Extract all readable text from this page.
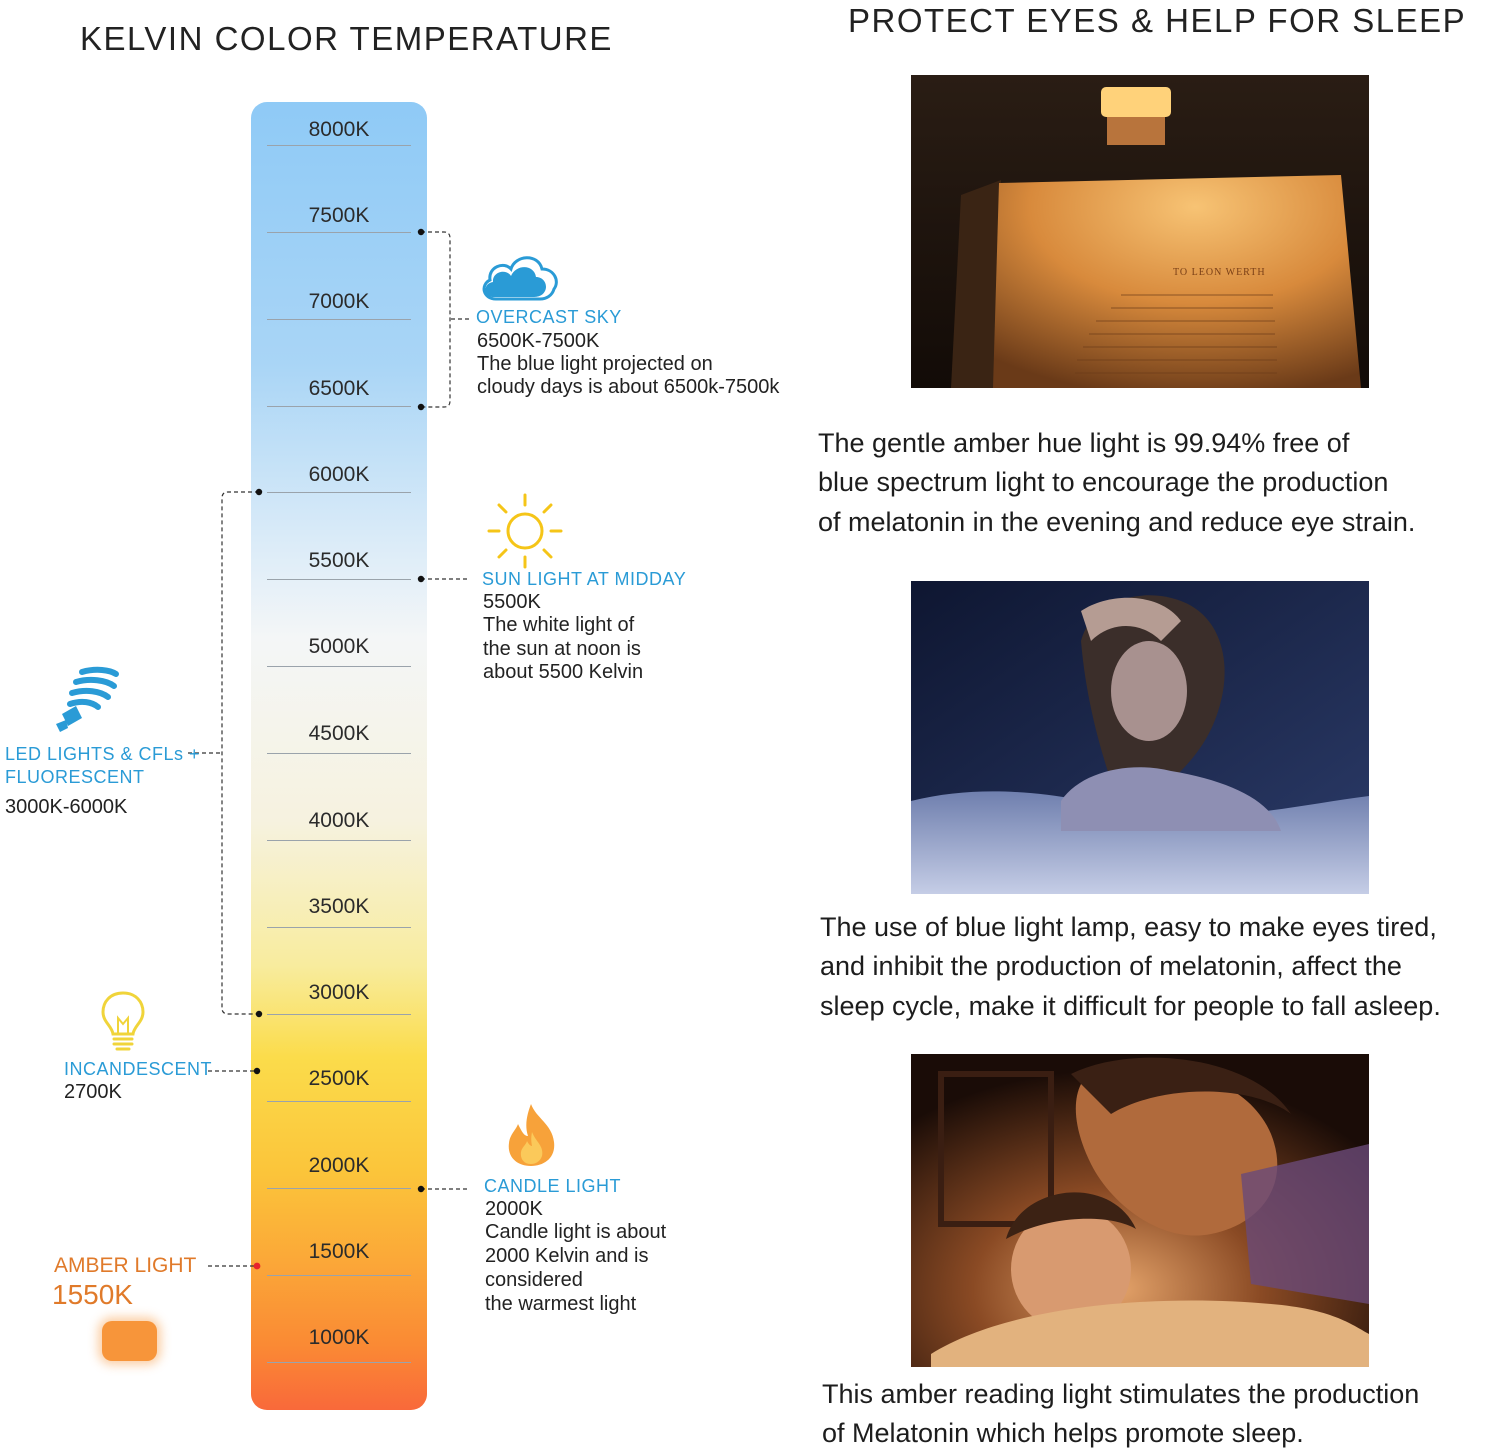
KELVIN COLOR TEMPERATURE	PROTECT EYES & HELP FOR SLEEP
8000K
7500K
7000K
6500K
6000K
5500K
5000K
4500K
4000K
3500K
3000K
2500K
2000K
1500K
1000K
OVERCAST SKY
6500K-7500K
The blue light projected on
cloudy days is about 6500k-7500k
SUN LIGHT AT MIDDAY
5500K
The white light of
the sun at noon is
about 5500 Kelvin
CANDLE LIGHT
2000K
Candle light is about
2000 Kelvin and is
considered
the warmest light
LED LIGHTS & CFLs +
FLUORESCENT
3000K-6000K
INCANDESCENT
2700K
AMBER LIGHT
1550K
TO LEON WERTH
The gentle amber hue light is 99.94% free of
blue spectrum light to encourage the production
of melatonin in the evening and reduce eye strain.
The use of blue light lamp, easy to make eyes tired,
and inhibit the production of melatonin, affect the
sleep cycle, make it difficult for people to fall asleep.
This amber reading light stimulates the production
of Melatonin which helps promote sleep.
